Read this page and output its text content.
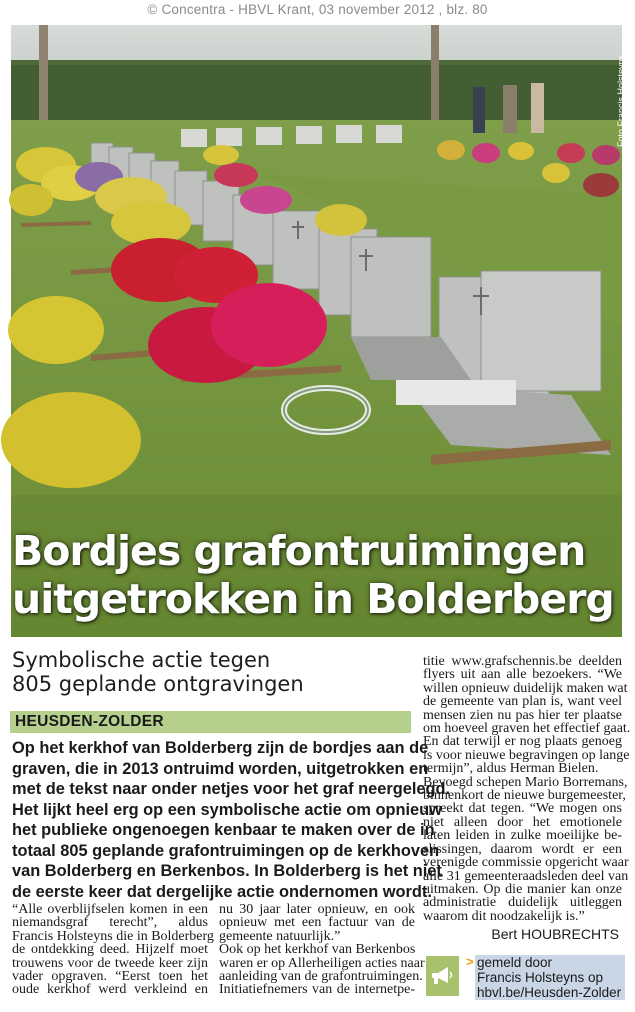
© Concentra - HBVL Krant, 03 november 2012 , blz. 80
Foto Francis Holsteyns
Bordjes grafontruimingen
uitgetrokken in Bolderberg
Symbolische actie tegen
805 geplande ontgravingen
HEUSDEN-ZOLDER
Op het kerkhof van Bolderberg zijn de bordjes aan de
graven, die in 2013 ontruimd worden, uitgetrokken en
met de tekst naar onder netjes voor het graf neergelegd.
Het lijkt heel erg op een symbolische actie om opnieuw
het publieke ongenoegen kenbaar te maken over de in
totaal 805 geplande grafontruimingen op de kerkhoven
van Bolderberg en Berkenbos. In Bolderberg is het niet
de eerste keer dat dergelijke actie ondernomen wordt.
“Alle overblijfselen komen in een
niemandsgraf terecht”, aldus
Francis Holsteyns die in Bolderberg
de ontdekking deed. Hijzelf moet
trouwens voor de tweede keer zijn
vader opgraven. “Eerst toen het
oude kerkhof werd verkleind en
nu 30 jaar later opnieuw, en ook
opnieuw met een factuur van de
gemeente natuurlijk.”
Ook op het kerkhof van Berkenbos
waren er op Allerheiligen acties naar
aanleiding van de grafontruimingen.
Initiatiefnemers van de internetpe-
titie www.grafschennis.be deelden
flyers uit aan alle bezoekers. “We
willen opnieuw duidelijk maken wat
de gemeente van plan is, want veel
mensen zien nu pas hier ter plaatse
om hoeveel graven het effectief gaat.
En dat terwijl er nog plaats genoeg
is voor nieuwe begravingen op lange
termijn”, aldus Herman Bielen.
Bevoegd schepen Mario Borremans,
binnenkort de nieuwe burgemeester,
spreekt dat tegen. “We mogen ons
niet alleen door het emotionele
laten leiden in zulke moeilijke be-
slissingen, daarom wordt er een
verenigde commissie opgericht waar
alle 31 gemeenteraadsleden deel van
uitmaken. Op die manier kan onze
administratie duidelijk uitleggen
waarom dit noodzakelijk is.”
Bert HOUBRECHTS
> gemeld door
Francis Holsteyns op
hbvl.be/Heusden-Zolder
